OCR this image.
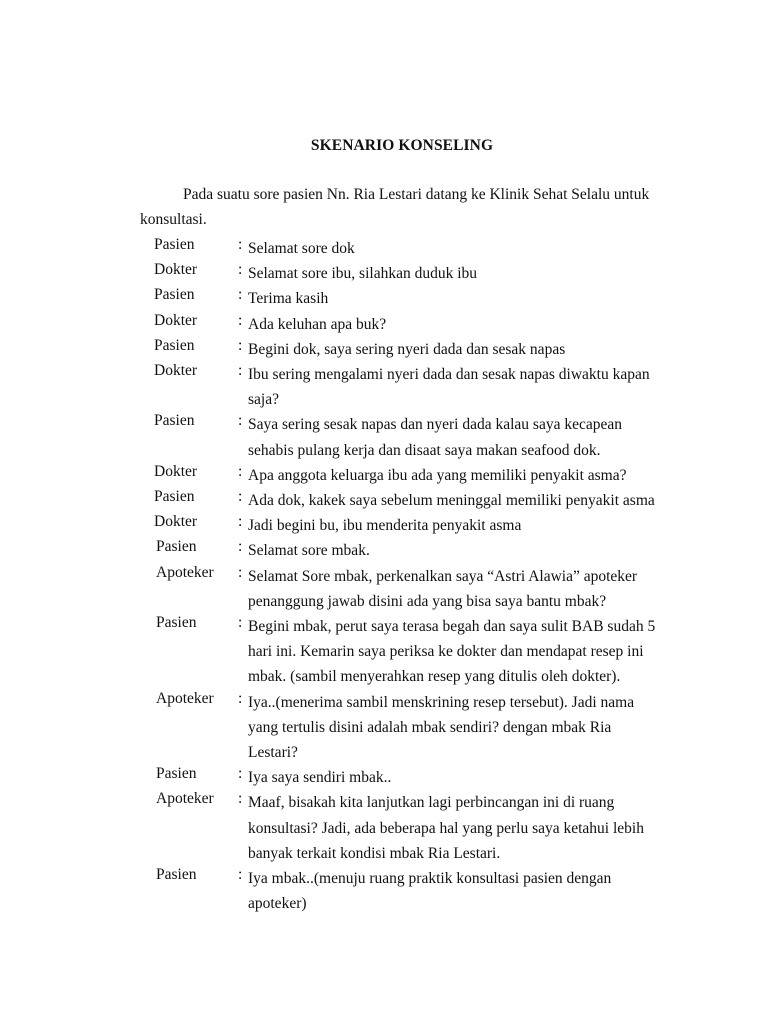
SKENARIO KONSELING
Pada suatu sore pasien Nn. Ria Lestari datang ke Klinik Sehat Selalu untuk
konsultasi.
Pasien	: Selamat sore dok
Dokter	: Selamat sore ibu, silahkan duduk ibu
Pasien	: Terima kasih
Dokter	: Ada keluhan apa buk?
Pasien	: Begini dok, saya sering nyeri dada dan sesak napas
Dokter	: Ibu sering mengalami nyeri dada dan sesak napas diwaktu kapan
saja?
Pasien	: Saya sering sesak napas dan nyeri dada kalau saya kecapean
sehabis pulang kerja dan disaat saya makan seafood dok.
Dokter	: Apa anggota keluarga ibu ada yang memiliki penyakit asma?
Pasien	: Ada dok, kakek saya sebelum meninggal memiliki penyakit asma
Dokter	: Jadi begini bu, ibu menderita penyakit asma
Pasien	: Selamat sore mbak.
Apoteker : Selamat Sore mbak, perkenalkan saya “Astri Alawia” apoteker
penanggung jawab disini ada yang bisa saya bantu mbak?
Pasien	: Begini mbak, perut saya terasa begah dan saya sulit BAB sudah 5
hari ini. Kemarin saya periksa ke dokter dan mendapat resep ini
mbak. (sambil menyerahkan resep yang ditulis oleh dokter).
Apoteker : Iya..(menerima sambil menskrining resep tersebut). Jadi nama
yang tertulis disini adalah mbak sendiri? dengan mbak Ria
Lestari?
Pasien	: Iya saya sendiri mbak..
Apoteker : Maaf, bisakah kita lanjutkan lagi perbincangan ini di ruang
konsultasi? Jadi, ada beberapa hal yang perlu saya ketahui lebih
banyak terkait kondisi mbak Ria Lestari.
Pasien	: Iya mbak..(menuju ruang praktik konsultasi pasien dengan
apoteker)
